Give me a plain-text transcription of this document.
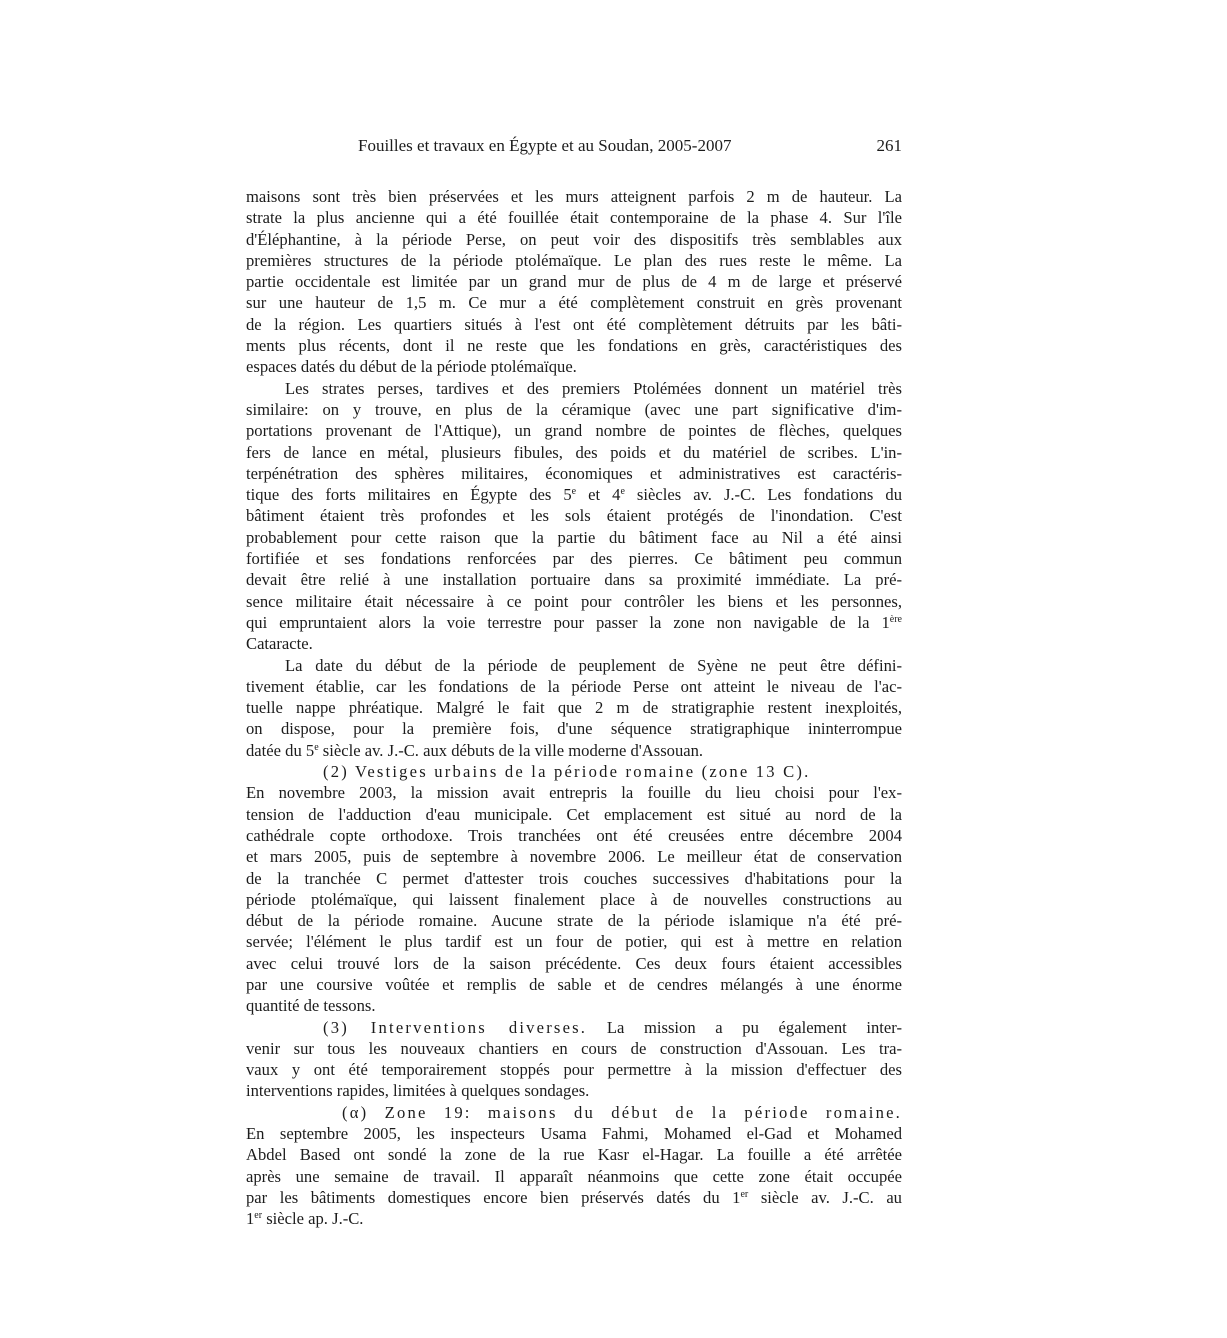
Fouilles et travaux en Égypte et au Soudan, 2005-2007	261
maisons sont très bien préservées et les murs atteignent parfois 2 m de hauteur. La
strate la plus ancienne qui a été fouillée était contemporaine de la phase 4. Sur l'île
d'Éléphantine, à la période Perse, on peut voir des dispositifs très semblables aux
premières structures de la période ptolémaïque. Le plan des rues reste le même. La
partie occidentale est limitée par un grand mur de plus de 4 m de large et préservé
sur une hauteur de 1,5 m. Ce mur a été complètement construit en grès provenant
de la région. Les quartiers situés à l'est ont été complètement détruits par les bâti-
ments plus récents, dont il ne reste que les fondations en grès, caractéristiques des
espaces datés du début de la période ptolémaïque.
Les strates perses, tardives et des premiers Ptolémées donnent un matériel très
similaire: on y trouve, en plus de la céramique (avec une part significative d'im-
portations provenant de l'Attique), un grand nombre de pointes de flèches, quelques
fers de lance en métal, plusieurs fibules, des poids et du matériel de scribes. L'in-
terpénétration des sphères militaires, économiques et administratives est caractéris-
tique des forts militaires en Égypte des 5e et 4e siècles av. J.-C. Les fondations du
bâtiment étaient très profondes et les sols étaient protégés de l'inondation. C'est
probablement pour cette raison que la partie du bâtiment face au Nil a été ainsi
fortifiée et ses fondations renforcées par des pierres. Ce bâtiment peu commun
devait être relié à une installation portuaire dans sa proximité immédiate. La pré-
sence militaire était nécessaire à ce point pour contrôler les biens et les personnes,
qui empruntaient alors la voie terrestre pour passer la zone non navigable de la 1ère
Cataracte.
La date du début de la période de peuplement de Syène ne peut être défini-
tivement établie, car les fondations de la période Perse ont atteint le niveau de l'ac-
tuelle nappe phréatique. Malgré le fait que 2 m de stratigraphie restent inexploités,
on dispose, pour la première fois, d'une séquence stratigraphique ininterrompue
datée du 5e siècle av. J.-C. aux débuts de la ville moderne d'Assouan.
(2) Vestiges urbains de la période romaine (zone 13 C).
En novembre 2003, la mission avait entrepris la fouille du lieu choisi pour l'ex-
tension de l'adduction d'eau municipale. Cet emplacement est situé au nord de la
cathédrale copte orthodoxe. Trois tranchées ont été creusées entre décembre 2004
et mars 2005, puis de septembre à novembre 2006. Le meilleur état de conservation
de la tranchée C permet d'attester trois couches successives d'habitations pour la
période ptolémaïque, qui laissent finalement place à de nouvelles constructions au
début de la période romaine. Aucune strate de la période islamique n'a été pré-
servée; l'élément le plus tardif est un four de potier, qui est à mettre en relation
avec celui trouvé lors de la saison précédente. Ces deux fours étaient accessibles
par une coursive voûtée et remplis de sable et de cendres mélangés à une énorme
quantité de tessons.
(3) Interventions diverses. La mission a pu également inter-
venir sur tous les nouveaux chantiers en cours de construction d'Assouan. Les tra-
vaux y ont été temporairement stoppés pour permettre à la mission d'effectuer des
interventions rapides, limitées à quelques sondages.
(α) Zone 19: maisons du début de la période romaine.
En septembre 2005, les inspecteurs Usama Fahmi, Mohamed el-Gad et Mohamed
Abdel Based ont sondé la zone de la rue Kasr el-Hagar. La fouille a été arrêtée
après une semaine de travail. Il apparaît néanmoins que cette zone était occupée
par les bâtiments domestiques encore bien préservés datés du 1er siècle av. J.-C. au
1er siècle ap. J.-C.
